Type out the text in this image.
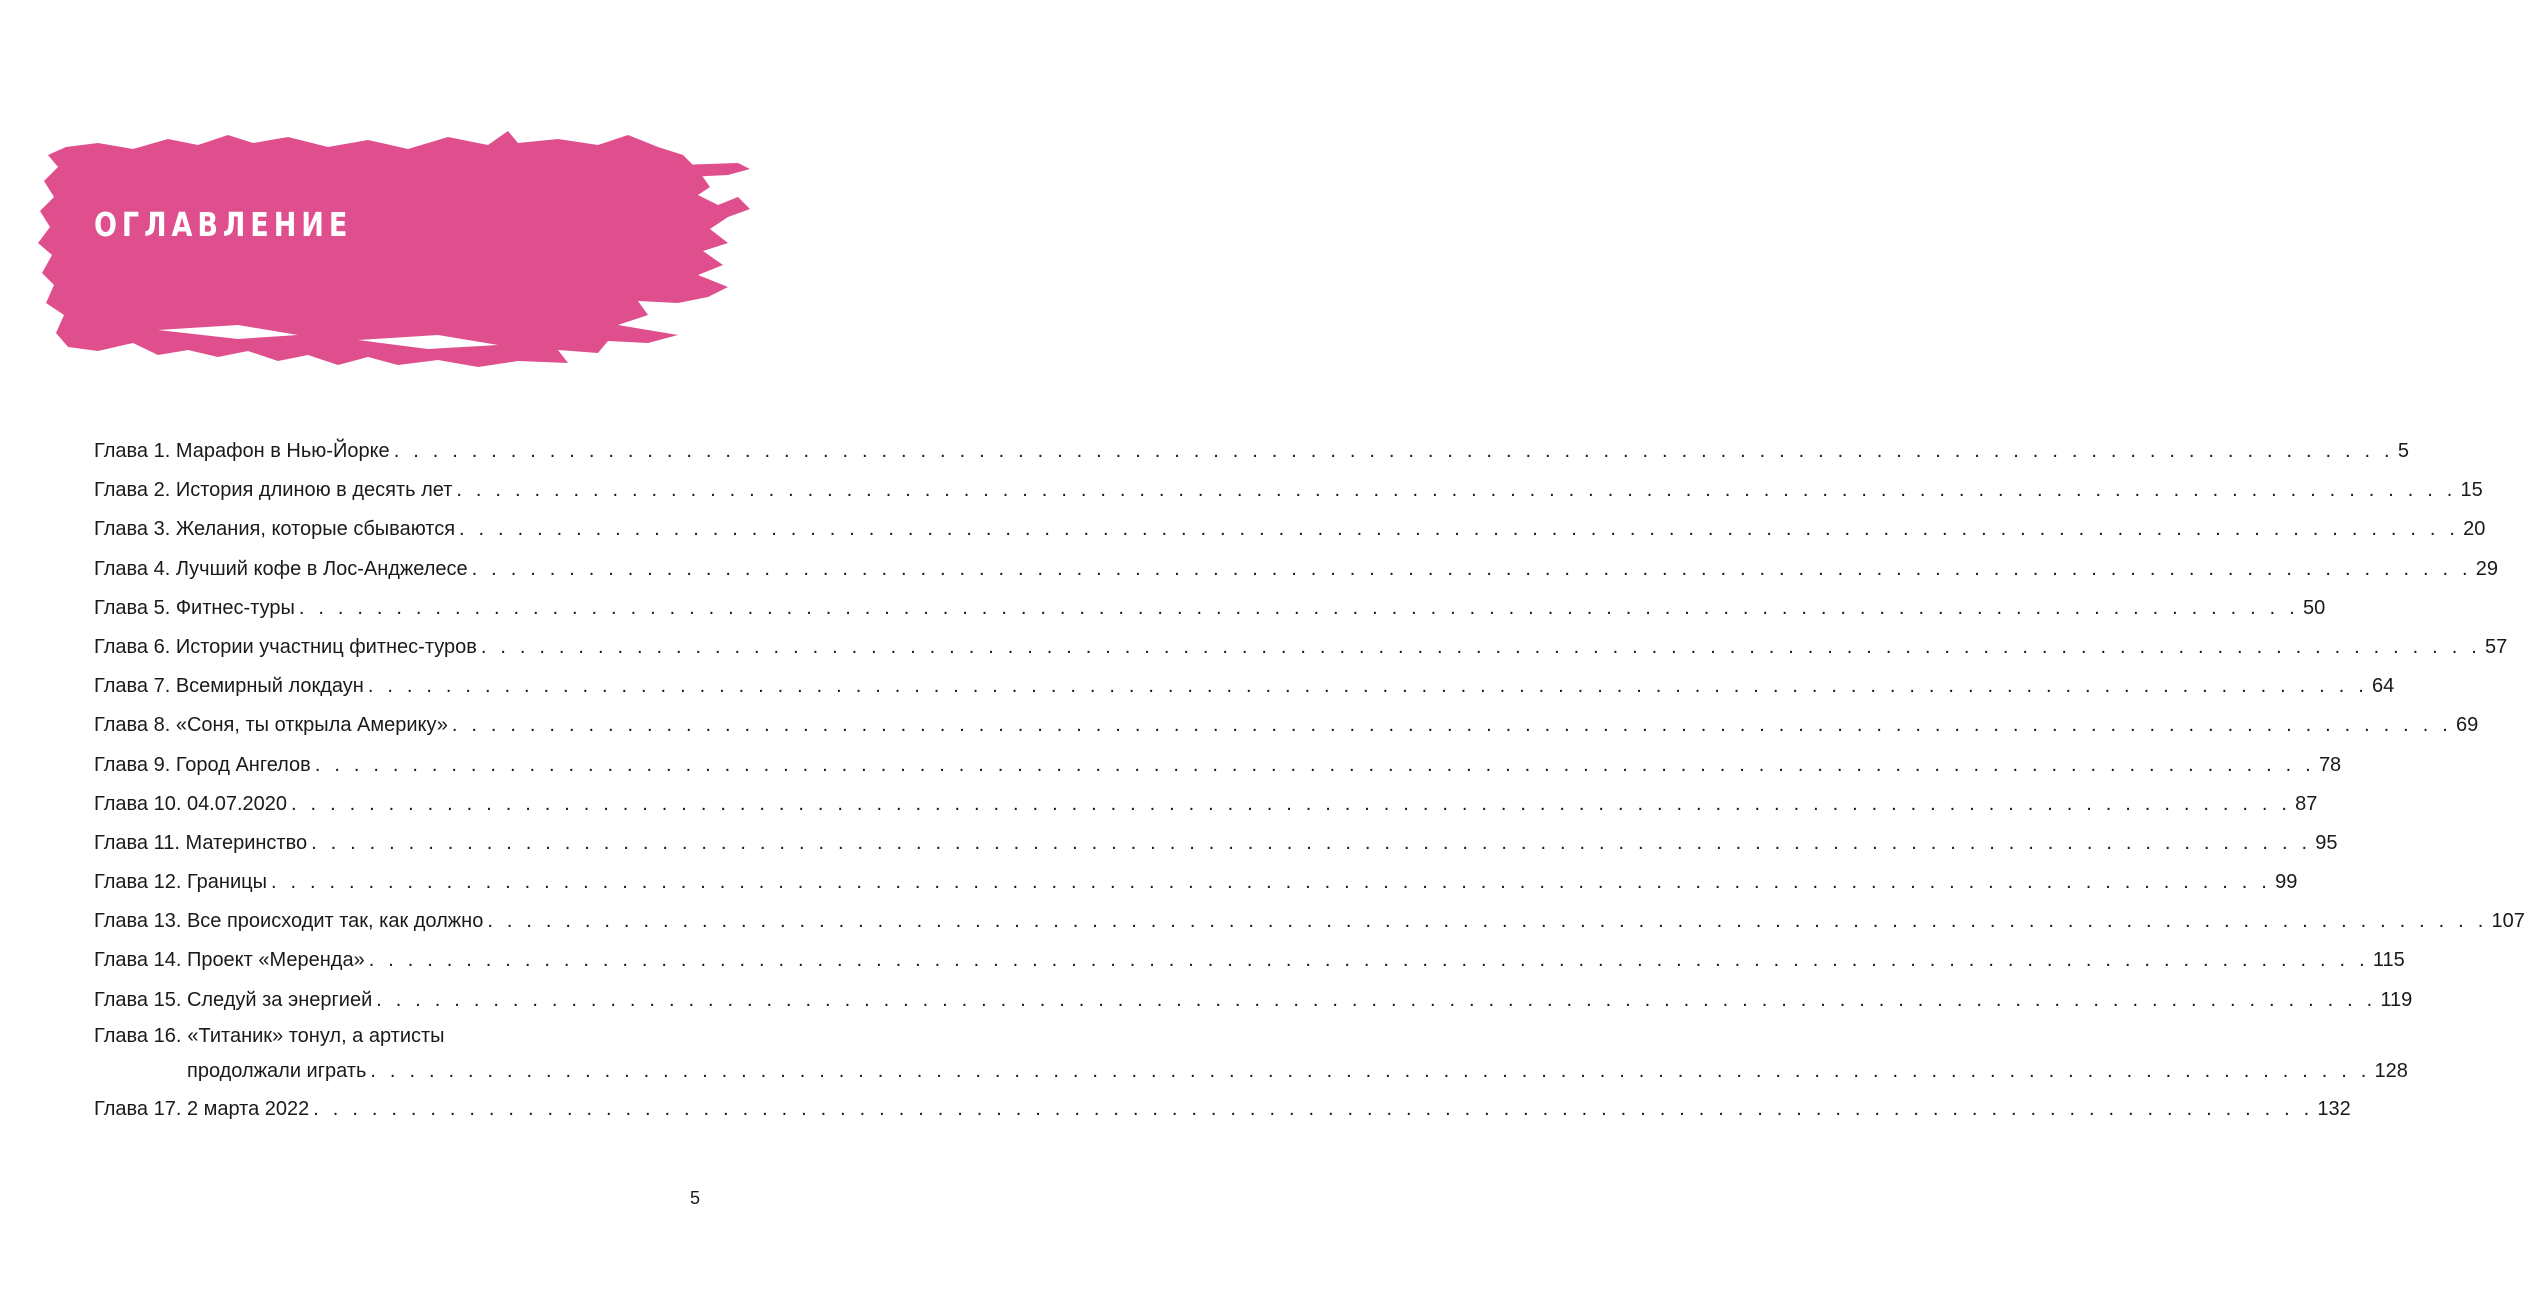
ОГЛАВЛЕНИЕ
Глава 1. Марафон в Нью-Йорке . . .	5
Глава 2. История длиною в десять лет . . .	15
Глава 3. Желания, которые сбываются . . .	20
Глава 4. Лучший кофе в Лос-Анджелесе . . .	29
Глава 5. Фитнес-туры . . .	50
Глава 6. Истории участниц фитнес-туров . . .	57
Глава 7. Всемирный локдаун . . .	64
Глава 8. «Соня, ты открыла Америку» . . .	69
Глава 9. Город Ангелов . . .	78
Глава 10. 04.07.2020 . . .	87
Глава 11. Материнство . . .	95
Глава 12. Границы . . .	99
Глава 13. Все происходит так, как должно . . .	107
Глава 14. Проект «Меренда» . . .	115
Глава 15. Следуй за энергией . . .	119
Глава 16. «Титаник» тонул, а артисты
продолжали играть . . .	128
Глава 17. 2 марта 2022 . . .	132

5
